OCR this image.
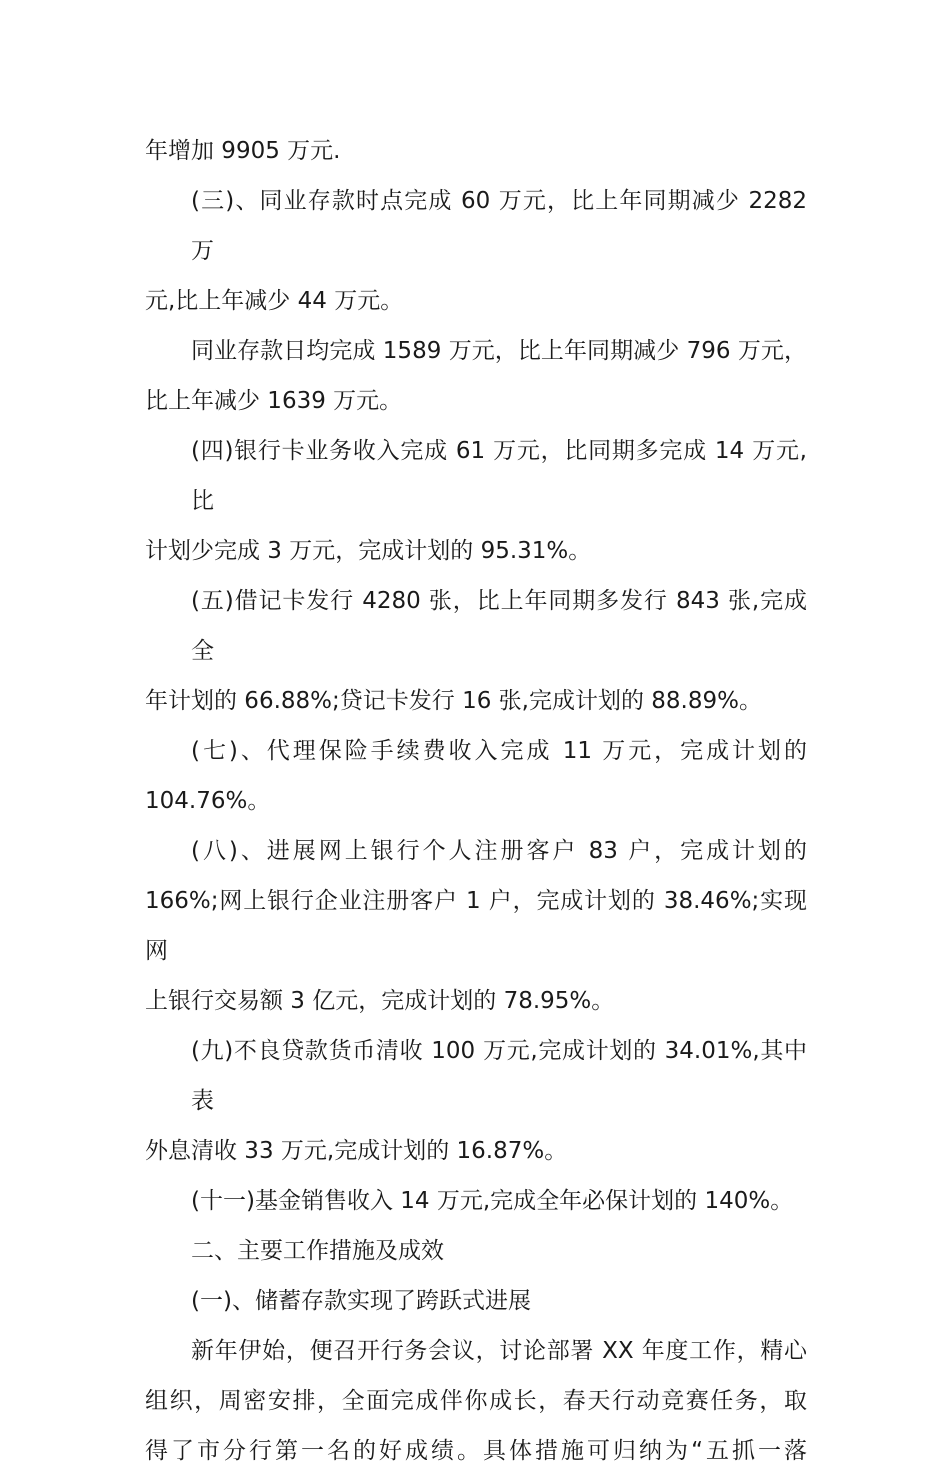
年增加 9905 万元.
(三)、同业存款时点完成 60 万元，比上年同期减少 2282 万
元,比上年减少 44 万元。
同业存款日均完成 1589 万元，比上年同期减少 796 万元，
比上年减少 1639 万元。
(四)银行卡业务收入完成 61 万元，比同期多完成 14 万元,比
计划少完成 3 万元，完成计划的 95.31%。
(五)借记卡发行 4280 张，比上年同期多发行 843 张,完成全
年计划的 66.88%;贷记卡发行 16 张,完成计划的 88.89%。
(七)、代理保险手续费收入完成 11 万元，完成计划的
104.76%。
(八)、进展网上银行个人注册客户 83 户，完成计划的
166%;网上银行企业注册客户 1 户，完成计划的 38.46%;实现网
上银行交易额 3 亿元，完成计划的 78.95%。
(九)不良贷款货币清收 100 万元,完成计划的 34.01%,其中表
外息清收 33 万元,完成计划的 16.87%。
(十一)基金销售收入 14 万元,完成全年必保计划的 140%。
二、主要工作措施及成效
(一)、储蓄存款实现了跨跃式进展
新年伊始，便召开行务会议，讨论部署 XX 年度工作，精心
组织，周密安排，全面完成伴你成长，春天行动竞赛任务，取
得了市分行第一名的好成绩。具体措施可归纳为“五抓一落
